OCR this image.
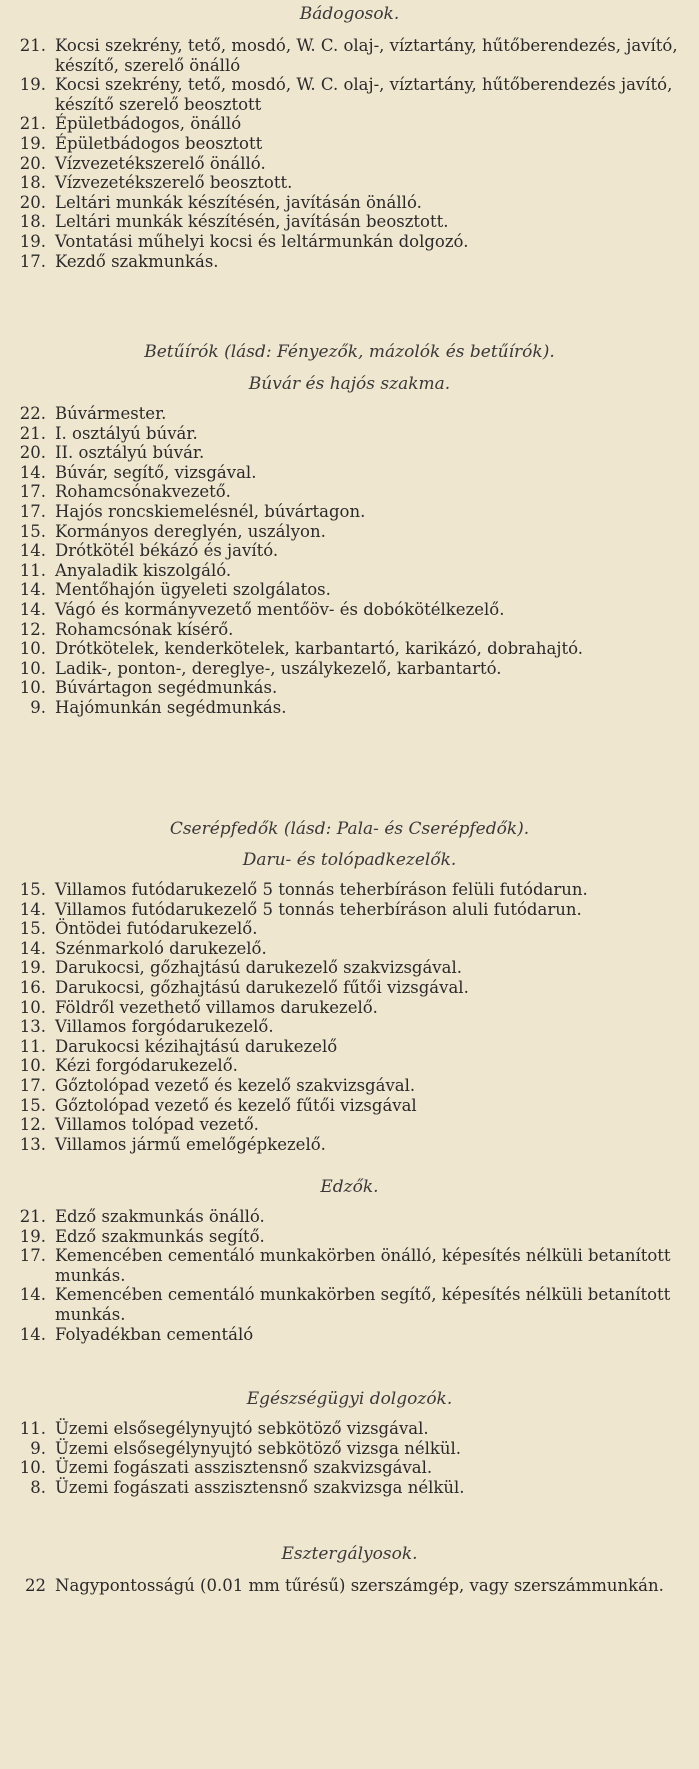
Bádogosok.
21. Kocsi szekrény, tető, mosdó, W. C. olaj-, víztartány, hűtőberendezés, javító, készítő, szerelő önálló
19. Kocsi szekrény, tető, mosdó, W. C. olaj-, víztartány, hűtőberendezés javító, készítő szerelő beosztott
21. Épületbádogos, önálló
19. Épületbádogos beosztott
20. Vízvezetékszerelő önálló.
18. Vízvezetékszerelő beosztott.
20. Leltári munkák készítésén, javításán önálló.
18. Leltári munkák készítésén, javításán beosztott.
19. Vontatási műhelyi kocsi és leltármunkán dolgozó.
17. Kezdő szakmunkás.
Betűírók (lásd: Fényezők, mázolók és betűírók).
Búvár és hajós szakma.
22. Búvármester.
21. I. osztályú búvár.
20. II. osztályú búvár.
14. Búvár, segítő, vizsgával.
17. Rohamcsónakvezető.
17. Hajós roncskiemelésnél, búvártagon.
15. Kormányos dereglyén, uszályon.
14. Drótkötél békázó és javító.
11. Anyaladik kiszolgáló.
14. Mentőhajón ügyeleti szolgálatos.
14. Vágó és kormányvezető mentőöv- és dobókötélkezelő.
12. Rohamcsónak kísérő.
10. Drótkötelek, kenderkötelek, karbantartó, karikázó, dobrahajtó.
10. Ladik-, ponton-, dereglye-, uszálykezelő, karbantartó.
10. Búvártagon segédmunkás.
9. Hajómunkán segédmunkás.
Cserépfedők (lásd: Pala- és Cserépfedők).
Daru- és tolópadkezelők.
15. Villamos futódarukezelő 5 tonnás teherbíráson felüli futódarun.
14. Villamos futódarukezelő 5 tonnás teherbíráson aluli futódarun.
15. Öntödei futódarukezelő.
14. Szénmarkoló darukezelő.
19. Darukocsi, gőzhajtású darukezelő szakvizsgával.
16. Darukocsi, gőzhajtású darukezelő fűtői vizsgával.
10. Földről vezethető villamos darukezelő.
13. Villamos forgódarukezelő.
11. Darukocsi kézihajtású darukezelő
10. Kézi forgódarukezelő.
17. Gőztolópad vezető és kezelő szakvizsgával.
15. Gőztolópad vezető és kezelő fűtői vizsgával
12. Villamos tolópad vezető.
13. Villamos jármű emelőgépkezelő.
Edzők.
21. Edző szakmunkás önálló.
19. Edző szakmunkás segítő.
17. Kemencében cementáló munkakörben önálló, képesítés nélküli betanított munkás.
14. Kemencében cementáló munkakörben segítő, képesítés nélküli betanított munkás.
14. Folyadékban cementáló
Egészségügyi dolgozók.
11. Üzemi elsősegélynyujtó sebkötöző vizsgával.
9. Üzemi elsősegélynyujtó sebkötöző vizsga nélkül.
10. Üzemi fogászati asszisztensnő szakvizsgával.
8. Üzemi fogászati asszisztensnő szakvizsga nélkül.
Esztergályosok.
22 Nagypontosságú (0.01 mm tűrésű) szerszámgép, vagy szerszámmunkán.
